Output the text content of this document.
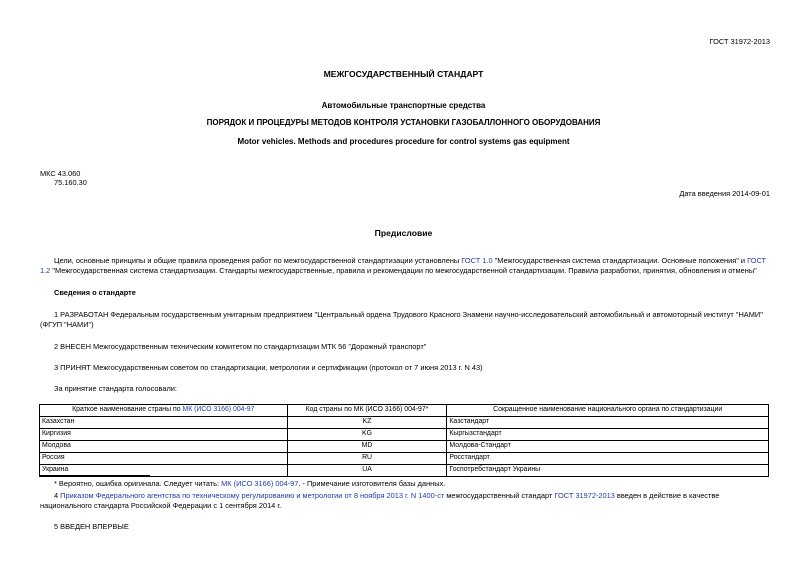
ГОСТ 31972-2013
МЕЖГОСУДАРСТВЕННЫЙ СТАНДАРТ
Автомобильные транспортные средства
ПОРЯДОК И ПРОЦЕДУРЫ МЕТОДОВ КОНТРОЛЯ УСТАНОВКИ ГАЗОБАЛЛОННОГО ОБОРУДОВАНИЯ
Motor vehicles. Methods and procedures procedure for control systems gas equipment
МКС 43.060
75.160.30
Дата введения 2014-09-01
Предисловие
Цели, основные принципы и общие правила проведения работ по межгосударственной стандартизации установлены ГОСТ 1.0 "Межгосударственная система стандартизации. Основные положения" и ГОСТ 1.2 "Межгосударственная система стандартизации. Стандарты межгосударственные, правила и рекомендации по межгосударственной стандартизации. Правила разработки, принятия, обновления и отмены"
Сведения о стандарте
1 РАЗРАБОТАН Федеральным государственным унитарным предприятием "Центральный ордена Трудового Красного Знамени научно-исследовательский автомобильный и автомоторный институт "НАМИ" (ФГУП "НАМИ")
2 ВНЕСЕН Межгосударственным техническим комитетом по стандартизации МТК 56 "Дорожный транспорт"
3 ПРИНЯТ Межгосударственным советом по стандартизации, метрологии и сертификации (протокол от 7 июня 2013 г. N 43)
За принятие стандарта голосовали:
Краткое наименование страны по МК (ИСО 3166) 004-97	Код страны по МК (ИСО 3166) 004-97*	Сокращенное наименование национального органа по стандартизации
Казахстан	KZ	Казстандарт
Киргизия	KG	Кыргызстандарт
Молдова	MD	Молдова-Стандарт
Россия	RU	Росстандарт
Украина	UA	Госпотребстандарт Украины
* Вероятно, ошибка оригинала. Следует читать: МК (ИСО 3166) 004-97. - Примечание изготовителя базы данных.
4 Приказом Федерального агентства по техническому регулированию и метрологии от 8 ноября 2013 г. N 1400-ст межгосударственный стандарт ГОСТ 31972-2013 введен в действие в качестве национального стандарта Российской Федерации с 1 сентября 2014 г.
5 ВВЕДЕН ВПЕРВЫЕ
